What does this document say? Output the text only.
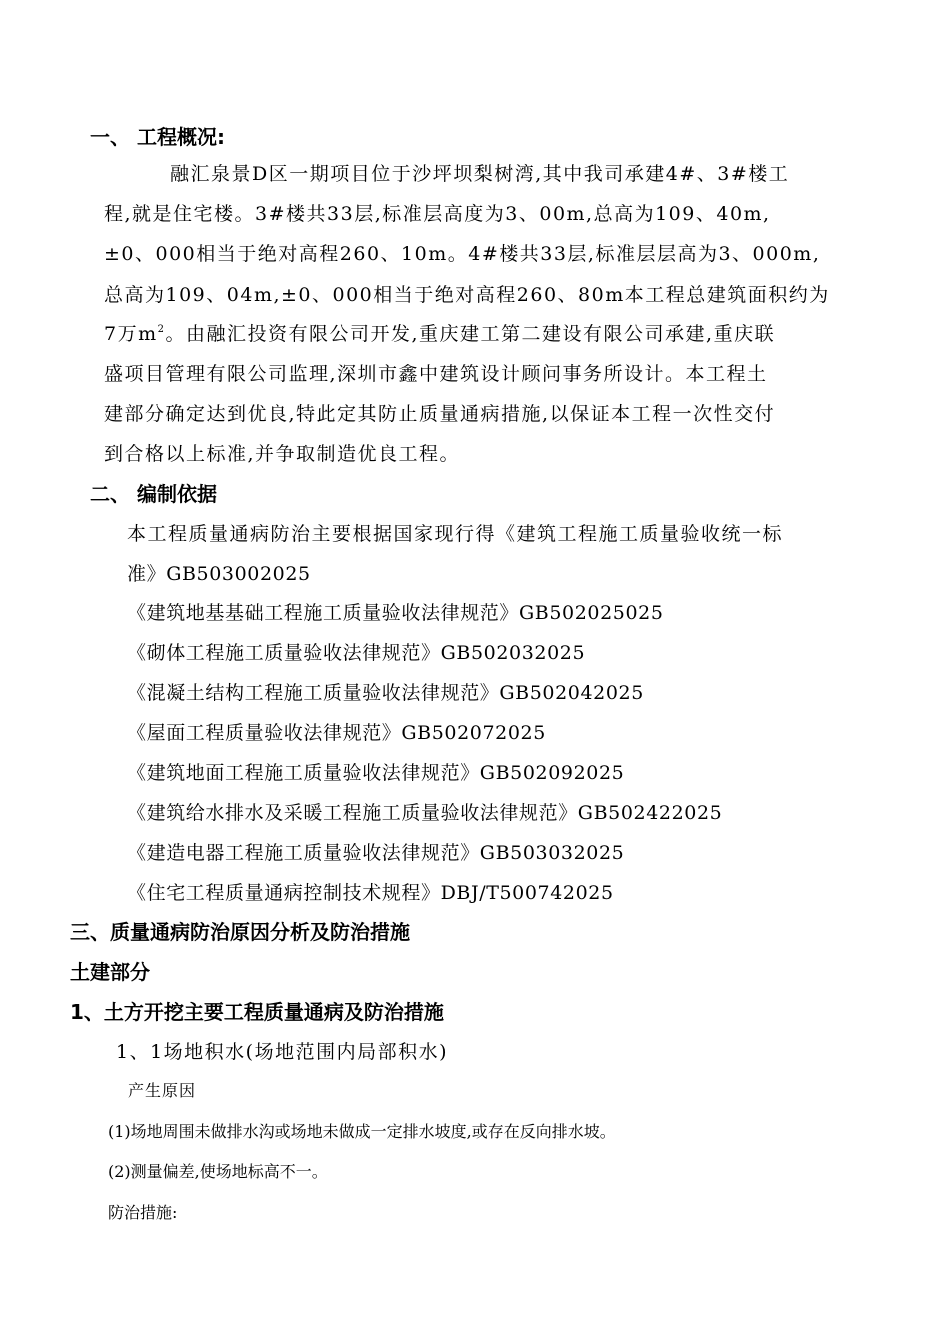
一、 工程概况:
融汇泉景D区一期项目位于沙坪坝梨树湾,其中我司承建4#、3#楼工
程,就是住宅楼。3#楼共33层,标准层高度为3、00m,总高为109、40m,
±0、000相当于绝对高程260、10m。4#楼共33层,标准层层高为3、000m,
总高为109、04m,±0、000相当于绝对高程260、80m本工程总建筑面积约为
7万$m^2$。由融汇投资有限公司开发,重庆建工第二建设有限公司承建,重庆联
盛项目管理有限公司监理,深圳市鑫中建筑设计顾问事务所设计。本工程土
建部分确定达到优良,特此定其防止质量通病措施,以保证本工程一次性交付
到合格以上标准,并争取制造优良工程。
二、 编制依据
本工程质量通病防治主要根据国家现行得《建筑工程施工质量验收统一标
准》GB503002025
《建筑地基基础工程施工质量验收法律规范》GB502025025
《砌体工程施工质量验收法律规范》GB502032025
《混凝土结构工程施工质量验收法律规范》GB502042025
《屋面工程质量验收法律规范》GB502072025
《建筑地面工程施工质量验收法律规范》GB502092025
《建筑给水排水及采暖工程施工质量验收法律规范》GB502422025
《建造电器工程施工质量验收法律规范》GB503032025
《住宅工程质量通病控制技术规程》DBJ/T500742025
三、质量通病防治原因分析及防治措施
土建部分
1、土方开挖主要工程质量通病及防治措施
1、1场地积水(场地范围内局部积水)
产生原因
(1)场地周围未做排水沟或场地未做成一定排水坡度,或存在反向排水坡。
(2)测量偏差,使场地标高不一。
防治措施:
